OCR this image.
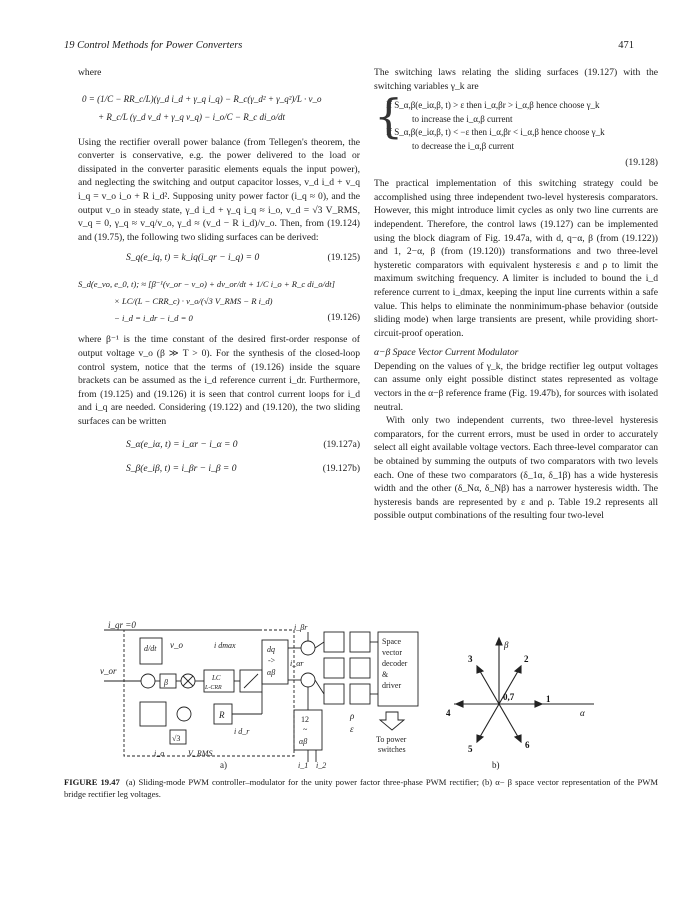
19 Control Methods for Power Converters	471

where

0 = (1/C − RR_c/L)(γ_d i_d + γ_q i_q) − R_c(γ_d² + γ_q²)/L · v_o
+ R_c/L (γ_d v_d + γ_q v_q) − i_o/C − R_c di_o/dt

Using the rectifier overall power balance (from Tellegen's theorem, the converter is conservative, e.g. the power delivered to the load or dissipated in the converter parasitic elements equals the input power), and neglecting the switching and output capacitor losses, v_d i_d + v_q i_q = v_o i_o + R i_d². Supposing unity power factor (i_q ≈ 0), and the output v_o in steady state, γ_d i_d + γ_q i_q ≈ i_o, v_d = √3 V_RMS, v_q = 0, γ_q ≈ v_q/v_o, γ_d ≈ (v_d − R i_d)/v_o. Then, from (19.124) and (19.75), the following two sliding surfaces can be derived:

S_q(e_iq, t) = k_iq(i_qr − i_q) = 0	(19.125)
S_d(e_vo, e_0, t); ≈ [β⁻¹(v_or − v_o) + dv_or/dt + 1/C i_o + R_c di_o/dt]
× LC/(L − CRR_c) · v_o/(√3 V_RMS − R i_d)
− i_d = i_dr − i_d = 0	(19.126)

where β⁻¹ is the time constant of the desired first-order response of output voltage v_o (β ≫ T > 0). For the synthesis of the closed-loop control system, notice that the terms of (19.126) inside the square brackets can be assumed as the i_d reference current i_dr. Furthermore, from (19.125) and (19.126) it is seen that control current loops for i_d and i_q are needed. Considering (19.122) and (19.120), the two sliding surfaces can be written

S_α(e_iα, t) = i_αr − i_α = 0	(19.127a)
S_β(e_iβ, t) = i_βr − i_β = 0	(19.127b)

The switching laws relating the sliding surfaces (19.127) with the switching variables γ_k are

{ If S_α,β(e_iα,β, t) > ε then i_α,βr > i_α,β hence choose γ_k
to increase the i_α,β current
If S_α,β(e_iα,β, t) < −ε then i_α,βr < i_α,β hence choose γ_k
to decrease the i_α,β current
(19.128)

The practical implementation of this switching strategy could be accomplished using three independent two-level hysteresis comparators. However, this might introduce limit cycles as only two line currents are independent. Therefore, the control laws (19.127) can be implemented using the block diagram of Fig. 19.47a, with d, q−α, β (from (19.122)) and 1, 2−α, β (from (19.120)) transformations and two three-level hysteretic comparators with equivalent hysteresis ε and ρ to limit the maximum switching frequency. A limiter is included to bound the i_d reference current to i_dmax, keeping the input line currents within a safe value. This helps to eliminate the nonminimum-phase behavior (outside sliding mode) when large transients are present, while providing short-circuit-proof operation.

α−β Space Vector Current Modulator

Depending on the values of γ_k, the bridge rectifier leg output voltages can assume only eight possible distinct states represented as voltage vectors in the α−β reference frame (Fig. 19.47b), for sources with isolated neutral.

With only two independent currents, two three-level hysteresis comparators, for the current errors, must be used in order to accurately select all eight available voltage vectors. Each three-level comparator can be obtained by summing the outputs of two comparators with two levels each. One of these two comparators (δ_1α, δ_1β) has a wide hysteresis width and the other (δ_Nα, δ_Nβ) has a narrower hysteresis width. The hysteresis bands are represented by ε and ρ. Table 19.2 represents all possible output combinations of the resulting four two-level

i_qr =0
v_or
v_o	i dmax	dq
->
αβ
LC
L-CRR
d/dt
β
R
√3
V_RMS
i_o
i d_r
i_βr
i_αr
ρ
ε
12
~
αβ
i_1 i_2
Space
vector
decoder
&
driver
To power
switches
a)
1
2
3
4
5	6
0,7
α
β
b)
FIGURE 19.47 (a) Sliding-mode PWM controller–modulator for the unity power factor three-phase PWM rectifier; (b) α− β space vector representation of the PWM bridge rectifier leg voltages.
